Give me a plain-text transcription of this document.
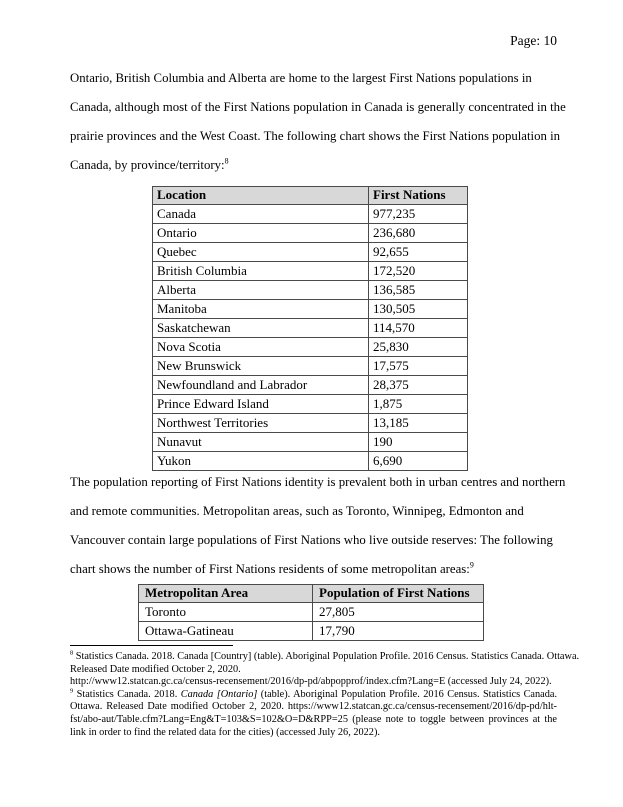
Page: 10
Ontario, British Columbia and Alberta are home to the largest First Nations populations in
Canada, although most of the First Nations population in Canada is generally concentrated in the
prairie provinces and the West Coast. The following chart shows the First Nations population in
Canada, by province/territory:$^8$
Location	First Nations
Canada	977,235
Ontario	236,680
Quebec	92,655
British Columbia	172,520
Alberta	136,585
Manitoba	130,505
Saskatchewan	114,570
Nova Scotia	25,830
New Brunswick	17,575
Newfoundland and Labrador	28,375
Prince Edward Island	1,875
Northwest Territories	13,185
Nunavut	190
Yukon	6,690
The population reporting of First Nations identity is prevalent both in urban centres and northern
and remote communities. Metropolitan areas, such as Toronto, Winnipeg, Edmonton and
Vancouver contain large populations of First Nations who live outside reserves: The following
chart shows the number of First Nations residents of some metropolitan areas:$^9$
Metropolitan Area	Population of First Nations
Toronto	27,805
Ottawa-Gatineau	17,790
$^8$ Statistics Canada. 2018. Canada [Country] (table). Aboriginal Population Profile. 2016 Census. Statistics Canada. Ottawa.
Released Date modified October 2, 2020.
http://www12.statcan.gc.ca/census-recensement/2016/dp-pd/abpopprof/index.cfm?Lang=E (accessed July 24, 2022).
$^9$ Statistics Canada. 2018. Canada [Ontario] (table). Aboriginal Population Profile. 2016 Census. Statistics Canada.
Ottawa. Released Date modified October 2, 2020. https://www12.statcan.gc.ca/census-recensement/2016/dp-pd/hlt-
fst/abo-aut/Table.cfm?Lang=Eng&T=103&S=102&O=D&RPP=25 (please note to toggle between provinces at the
link in order to find the related data for the cities) (accessed July 26, 2022).
